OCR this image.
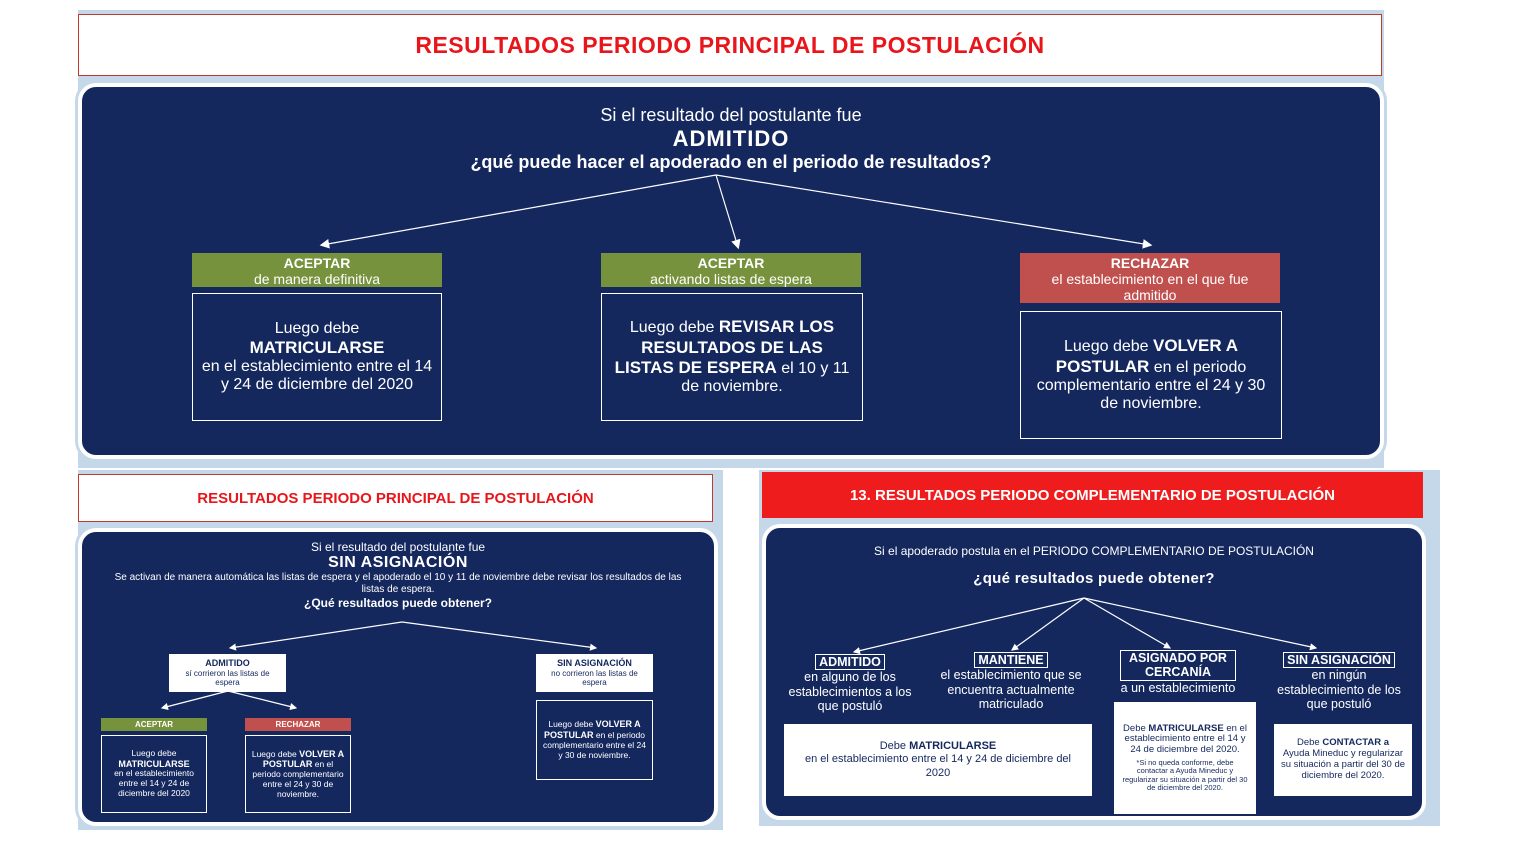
RESULTADOS PERIODO PRINCIPAL DE POSTULACIÓN
Si el resultado del postulante fue
ADMITIDO
¿qué puede hacer el apoderado en el periodo de resultados?
ACEPTAR
de manera definitiva
Luego debe
MATRICULARSE
en el establecimiento entre el 14 y 24 de diciembre del 2020
ACEPTAR
activando listas de espera
Luego debe REVISAR LOS RESULTADOS DE LAS LISTAS DE ESPERA el 10 y 11 de noviembre.
RECHAZAR
el establecimiento en el que fue admitido
Luego debe VOLVER A POSTULAR en el periodo complementario entre el 24 y 30 de noviembre.
RESULTADOS PERIODO PRINCIPAL DE POSTULACIÓN
Si el resultado del postulante fue
SIN ASIGNACIÓN
Se activan de manera automática las listas de espera y el apoderado el 10 y 11 de noviembre debe revisar los resultados de las listas de espera.
¿Qué resultados puede obtener?
ADMITIDO
sí corrieron las listas de espera
SIN ASIGNACIÓN
no corrieron las listas de espera
ACEPTAR	RECHAZAR
Luego debe
MATRICULARSE
en el establecimiento entre el 14 y 24 de diciembre del 2020
Luego debe VOLVER A POSTULAR en el periodo complementario entre el 24 y 30 de noviembre.
Luego debe VOLVER A POSTULAR en el periodo complementario entre el 24 y 30 de noviembre.
13. RESULTADOS PERIODO COMPLEMENTARIO DE POSTULACIÓN
Si el apoderado postula en el PERIODO COMPLEMENTARIO DE POSTULACIÓN
¿qué resultados puede obtener?
ADMITIDO
en alguno de los establecimientos a los que postuló
MANTIENE
el establecimiento que se encuentra actualmente matriculado
ASIGNADO POR CERCANÍA
a un establecimiento
SIN ASIGNACIÓN
en ningún establecimiento de los que postuló
Debe MATRICULARSE
en el establecimiento entre el 14 y 24 de diciembre del 2020
Debe MATRICULARSE en el establecimiento entre el 14 y 24 de diciembre del 2020.
*Si no queda conforme, debe contactar a Ayuda Mineduc y regularizar su situación a partir del 30 de diciembre del 2020.
Debe CONTACTAR a
Ayuda Mineduc y regularizar su situación a partir del 30 de diciembre del 2020.
